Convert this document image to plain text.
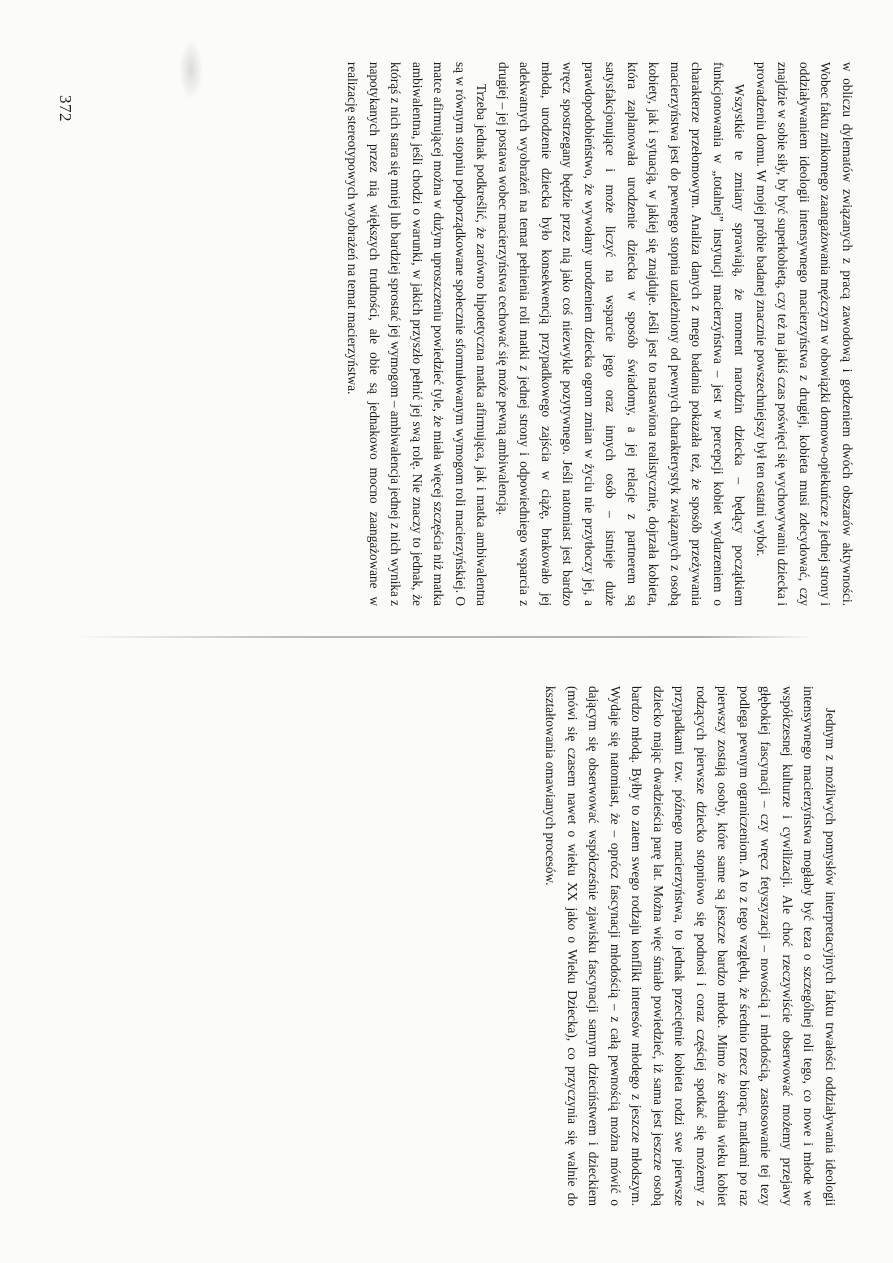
w obliczu dylematów związanych z pracą zawodową i godzeniem dwóch obszarów aktywności. Wobec faktu znikomego zaangażowania mężczyzn w obowiązki domowo-opiekuńcze z jednej strony i oddziaływaniem ideologii intensywnego macierzyństwa z drugiej, kobieta musi zdecydować, czy znajdzie w sobie siły, by być superkobietą, czy też na jakiś czas poświęci się wychowywaniu dziecka i prowadzeniu domu. W mojej próbie badanej znacznie powszechniejszy był ten ostatni wybór.

Wszystkie te zmiany sprawiają, że moment narodzin dziecka – będący początkiem funkcjonowania w „totalnej” instytucji macierzyństwa – jest w percepcji kobiet wydarzeniem o charakterze przełomowym. Analiza danych z mego badania pokazała też, że sposób przeżywania macierzyństwa jest do pewnego stopnia uzależniony od pewnych charakterystyk związanych z osobą kobiety, jak i sytuacją, w jakiej się znajduje. Jeśli jest to nastawiona realistycznie, dojrzała kobieta, która zaplanowała urodzenie dziecka w sposób świadomy, a jej relacje z partnerem są satysfakcjonujące i może liczyć na wsparcie jego oraz innych osób – istnieje duże prawdopodobieństwo, że wywołany urodzeniem dziecka ogrom zmian w życiu nie przytłoczy jej, a wręcz spostrzegany będzie przez nią jako coś niezwykle pozytywnego. Jeśli natomiast jest bardzo młoda, urodzenie dziecka było konsekwencją przypadkowego zajścia w ciążę, brakowało jej adekwatnych wyobrażeń na temat pełnienia roli matki z jednej strony i odpowiedniego wsparcia z drugiej – jej postawa wobec macierzyństwa cechować się może pewną ambiwalencją.

Trzeba jednak podkreślić, że zarówno hipotetyczna matka afirmująca, jak i matka ambiwalentna są w równym stopniu podporządkowane społecznie sformułowanym wymogom roli macierzyńskiej. O matce afirmującej można w dużym uproszczeniu powiedzieć tyle, że miała więcej szczęścia niż matka ambiwalentna, jeśli chodzi o warunki, w jakich przyszło pełnić jej swą rolę. Nie znaczy to jednak, że którąś z nich stara się mniej lub bardziej sprostać jej wymogom – ambiwalencja jednej z nich wynika z napotykanych przez nią większych trudności, ale obie są jednakowo mocno zaangażowane w realizację stereotypowych wyobrażeń na temat macierzyństwa.

372

Jednym z możliwych pomysłów interpretacyjnych faktu trwałości oddziaływania ideologii intensywnego macierzyństwa mogłaby być teza o szczególnej roli tego, co nowe i młode we współczesnej kulturze i cywilizacji. Ale choć rzeczywiście obserwować możemy przejawy głębokiej fascynacji – czy wręcz fetyszyzacji – nowością i młodością, zastosowanie tej tezy podlega pewnym ograniczeniom. A to z tego względu, że średnio rzecz biorąc, matkami po raz pierwszy zostają osoby, które same są jeszcze bardzo młode. Mimo że średnia wieku kobiet rodzących pierwsze dziecko stopniowo się podnosi i coraz częściej spotkać się możemy z przypadkami tzw. późnego macierzyństwa, to jednak przeciętnie kobieta rodzi swe pierwsze dziecko mając dwadzieścia parę lat. Można więc śmiało powiedzieć, iż sama jest jeszcze osobą bardzo młodą. Byłby to zatem swego rodzaju konflikt interesów młodego z jeszcze młodszym. Wydaje się natomiast, że – oprócz fascynacji młodością – z całą pewnością można mówić o dającym się obserwować współcześnie zjawisku fascynacji samym dzieciństwem i dzieckiem (mówi się czasem nawet o wieku XX jako o Wieku Dziecka), co przyczynia się walnie do kształtowania omawianych procesów.
